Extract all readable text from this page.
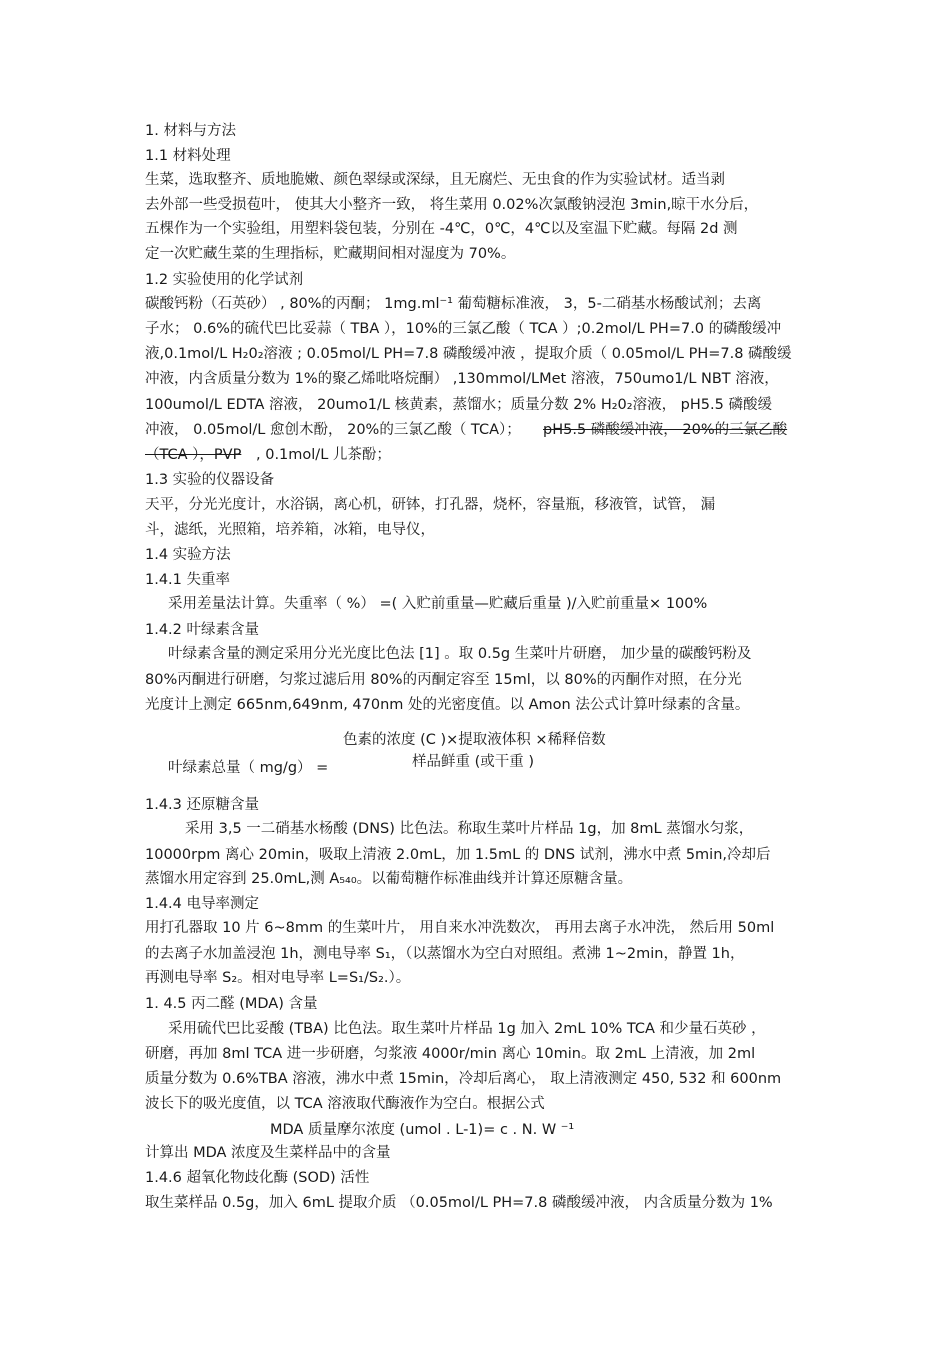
1. 材料与方法
1.1 材料处理
生菜，选取整齐、质地脆嫩、颜色翠绿或深绿，且无腐烂、无虫食的作为实验试材。适当剥
去外部一些受损苞叶， 使其大小整齐一致， 将生菜用 0.02%次氯酸钠浸泡 3min,晾干水分后，
五棵作为一个实验组，用塑料袋包装，分别在 -4℃，0℃，4℃以及室温下贮藏。每隔 2d 测
定一次贮藏生菜的生理指标，贮藏期间相对湿度为 70%。
1.2 实验使用的化学试剂
碳酸钙粉（石英砂） , 80%的丙酮； 1mg.ml⁻¹ 葡萄糖标准液， 3，5-二硝基水杨酸试剂；去离
子水； 0.6%的硫代巴比妥蒜（ TBA ），10%的三氯乙酸（ TCA ）;0.2mol/L PH=7.0 的磷酸缓冲
液,0.1mol/L H₂0₂溶液 ; 0.05mol/L PH=7.8 磷酸缓冲液 ，提取介质（ 0.05mol/L PH=7.8 磷酸缓
冲液，内含质量分数为 1%的聚乙烯吡咯烷酮） ,130mmol/LMet 溶液，750umo1/L NBT 溶液，
100umol/L EDTA 溶液， 20umo1/L 核黄素，蒸馏水；质量分数 2% H₂0₂溶液， pH5.5 磷酸缓
冲液， 0.05mol/L 愈创木酚， 20%的三氯乙酸（ TCA）； pH5.5 磷酸缓冲液， 20%的三氯乙酸
（TCA ），PVP , 0.1mol/L 儿茶酚；
1.3 实验的仪器设备
天平，分光光度计，水浴锅，离心机，研钵，打孔器，烧杯，容量瓶，移液管，试管， 漏
斗，滤纸，光照箱，培养箱，冰箱，电导仪，
1.4 实验方法
1.4.1 失重率
采用差量法计算。失重率（ %） =( 入贮前重量—贮藏后重量 )/入贮前重量× 100%
1.4.2 叶绿素含量
叶绿素含量的测定采用分光光度比色法 [1] 。取 0.5g 生菜叶片研磨， 加少量的碳酸钙粉及
80%丙酮进行研磨，匀浆过滤后用 80%的丙酮定容至 15ml，以 80%的丙酮作对照，在分光
光度计上测定 665nm,649nm, 470nm 处的光密度值。以 Amon 法公式计算叶绿素的含量。
色素的浓度 (C )×提取液体积 ×稀释倍数
样品鲜重 (或干重 )
叶绿素总量（ mg/g） =
1.4.3 还原糖含量
采用 3,5 一二硝基水杨酸 (DNS) 比色法。称取生菜叶片样品 1g，加 8mL 蒸馏水匀浆，
10000rpm 离心 20min，吸取上清液 2.0mL，加 1.5mL 的 DNS 试剂，沸水中煮 5min,冷却后
蒸馏水用定容到 25.0mL,测 A₅₄₀。以葡萄糖作标准曲线并计算还原糖含量。
1.4.4 电导率测定
用打孔器取 10 片 6~8mm 的生菜叶片， 用自来水冲洗数次， 再用去离子水冲洗， 然后用 50ml
的去离子水加盖浸泡 1h，测电导率 S₁，（以蒸馏水为空白对照组。煮沸 1~2min，静置 1h，
再测电导率 S₂。相对电导率 L=S₁/S₂.）。
1. 4.5 丙二醛 (MDA) 含量
采用硫代巴比妥酸 (TBA) 比色法。取生菜叶片样品 1g 加入 2mL 10% TCA 和少量石英砂 ，
研磨，再加 8ml TCA 进一步研磨，匀浆液 4000r/min 离心 10min。取 2mL 上清液，加 2ml
质量分数为 0.6%TBA 溶液，沸水中煮 15min，冷却后离心， 取上清液测定 450, 532 和 600nm
波长下的吸光度值，以 TCA 溶液取代酶液作为空白。根据公式
MDA 质量摩尔浓度 (umol . L-1)= c . N. W ⁻¹
计算出 MDA 浓度及生菜样品中的含量
1.4.6 超氧化物歧化酶 (SOD) 活性
取生菜样品 0.5g，加入 6mL 提取介质 （0.05mol/L PH=7.8 磷酸缓冲液， 内含质量分数为 1%
